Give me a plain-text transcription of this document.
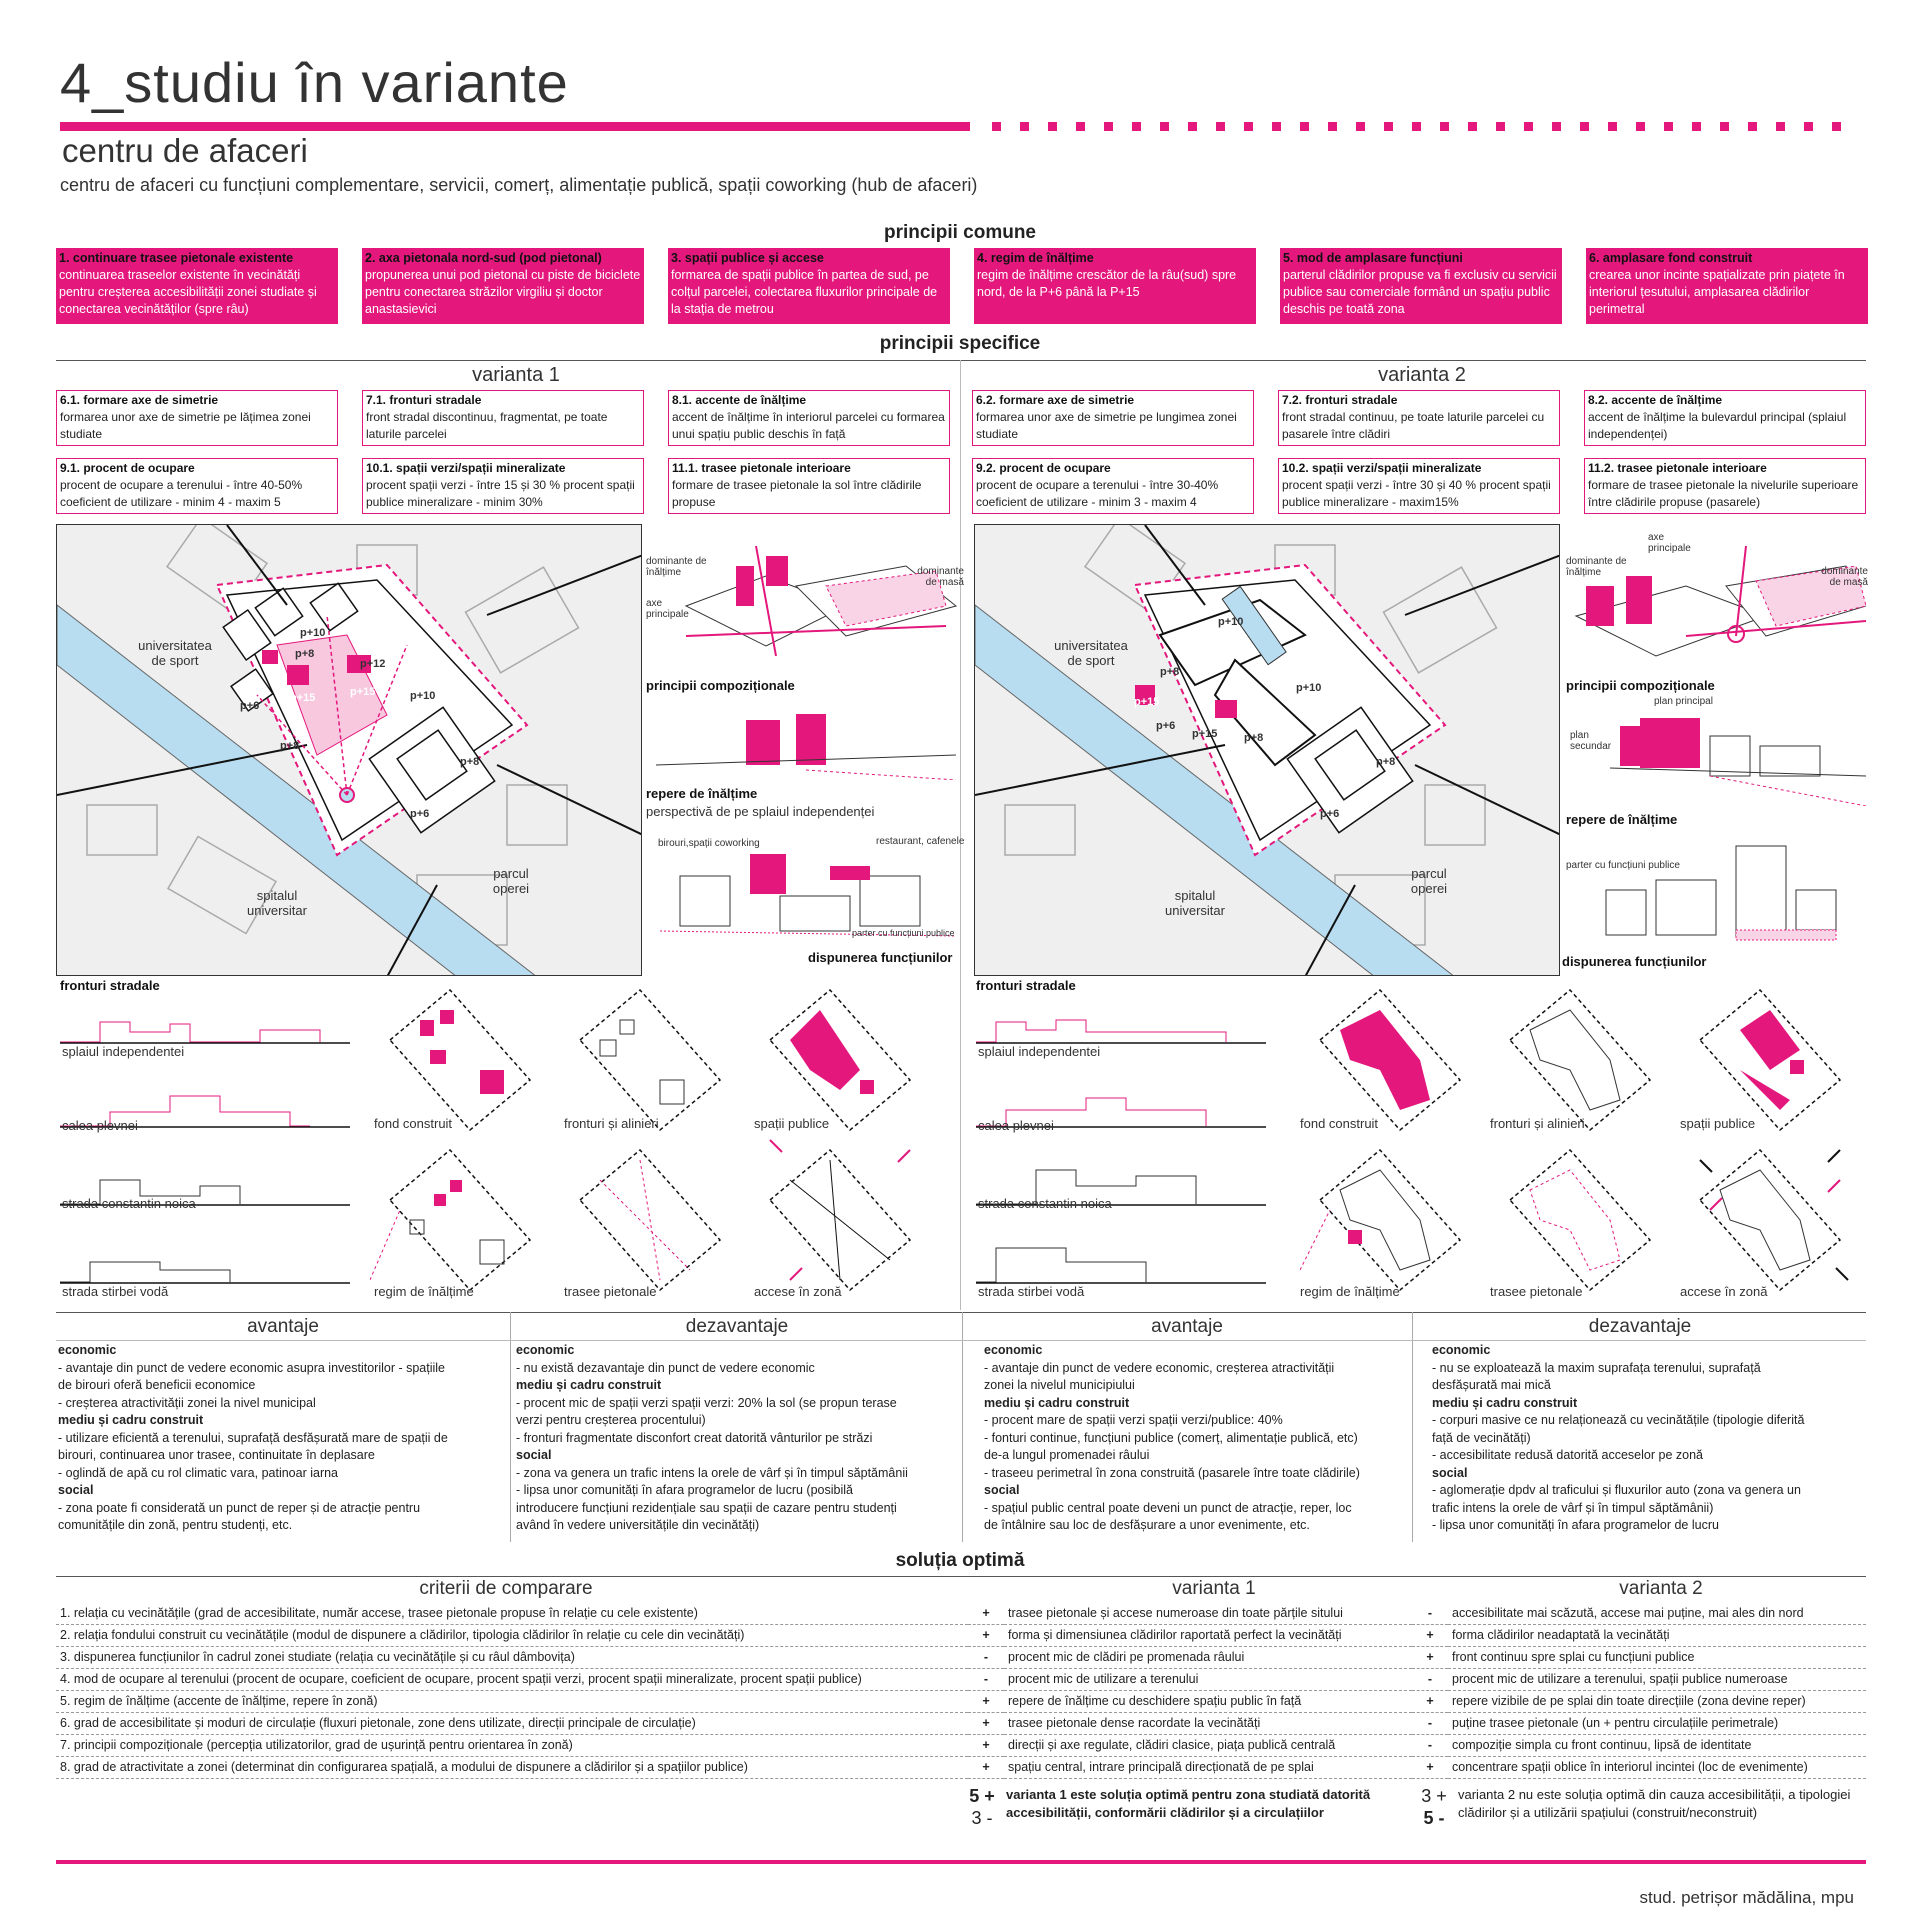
4_studiu în variante
centru de afaceri
centru de afaceri cu funcțiuni complementare, servicii, comerț, alimentație publică, spații coworking (hub de afaceri)
principii comune
1. continuare trasee pietonale existente
continuarea traseelor existente în vecinătăți pentru creșterea accesibilității zonei studiate și conectarea vecinătăților (spre râu)
2. axa pietonala nord-sud (pod pietonal)
propunerea unui pod pietonal cu piste de biciclete pentru conectarea străzilor virgiliu și doctor anastasievici
3. spații publice și accese
formarea de spații publice în partea de sud, pe colțul parcelei, colectarea fluxurilor principale de la stația de metrou
4. regim de înălțime
regim de înălțime crescător de la râu(sud) spre nord, de la P+6 până la P+15
5. mod de amplasare funcțiuni
parterul clădirilor propuse va fi exclusiv cu servicii publice sau comerciale formând un spațiu public deschis pe toată zona
6. amplasare fond construit
crearea unor incinte spațializate prin piațete în interiorul țesutului, amplasarea clădirilor perimetral
principii specifice
varianta 1	varianta 2
6.1. formare axe de simetrie
formarea unor axe de simetrie pe lățimea zonei studiate
7.1. fronturi stradale
front stradal discontinuu, fragmentat, pe toate laturile parcelei
8.1. accente de înălțime
accent de înălțime în interiorul parcelei cu formarea unui spațiu public deschis în față
9.1. procent de ocupare
procent de ocupare a terenului - între 40-50% coeficient de utilizare - minim 4 - maxim 5
10.1. spații verzi/spații mineralizate
procent spații verzi - între 15 și 30 % procent spații publice mineralizare - minim 30%
11.1. trasee pietonale interioare
formare de trasee pietonale la sol între clădirile propuse
6.2. formare axe de simetrie
formarea unor axe de simetrie pe lungimea zonei studiate
7.2. fronturi stradale
front stradal continuu, pe toate laturile parcelei cu pasarele între clădiri
8.2. accente de înălțime
accent de înălțime la bulevardul principal (splaiul independenței)
9.2. procent de ocupare
procent de ocupare a terenului - între 30-40% coeficient de utilizare - minim 3 - maxim 4
10.2. spații verzi/spații mineralizate
procent spații verzi - între 30 și 40 % procent spații publice mineralizare - maxim15%
11.2. trasee pietonale interioare
formare de trasee pietonale la nivelurile superioare între clădirile propuse (pasarele)
universitatea de sport
spitalul universitar
parcul operei
p+10
p+8
p+15	p+15
p+12
p+10
p+8
p+6
p+8
p+6
dominante de înălțime	dominante de masă
axe principale
principii compoziționale
repere de înălțime
perspectivă de pe splaiul independenței
birouri,spații coworking	restaurant, cafenele
parter cu funcțiuni publice
dispunerea funcțiunilor
universitatea de sport
spitalul universitar
parcul operei
p+10
p+8
p+15
p+6
p+15 p+8
p+10
p+8
p+6
axe principale
dominante de înălțime	dominante de masă
principii compoziționale
plan principal
plan secundar
repere de înălțime
parter cu funcțiuni publice
dispunerea funcțiunilor
fronturi stradale
splaiul independentei
calea plevnei
strada constantin noica
strada stirbei vodă
fond construit	fronturi și alinieri	spații publice
regim de înălțime	trasee pietonale	accese în zonă
fronturi stradale
splaiul independentei
calea plevnei
strada constantin noica
strada stirbei vodă
fond construit	fronturi și alinieri	spații publice
regim de înălțime	trasee pietonale	accese în zonă
avantaje	dezavantaje	avantaje	dezavantaje
economic
- avantaje din punct de vedere economic asupra investitorilor - spațiile
de birouri oferă beneficii economice
- creșterea atractivității zonei la nivel municipal
mediu și cadru construit
- utilizare eficientă a terenului, suprafață desfășurată mare de spații de
birouri, continuarea unor trasee, continuitate în deplasare
- oglindă de apă cu rol climatic vara, patinoar iarna
social
- zona poate fi considerată un punct de reper și de atracție pentru
comunitățile din zonă, pentru studenți, etc.
economic
- nu există dezavantaje din punct de vedere economic
mediu și cadru construit
- procent mic de spații verzi spații verzi: 20% la sol (se propun terase
verzi pentru creșterea procentului)
- fronturi fragmentate disconfort creat datorită vânturilor pe străzi
social
- zona va genera un trafic intens la orele de vârf și în timpul săptămânii
- lipsa unor comunități în afara programelor de lucru (posibilă
introducere funcțiuni rezidențiale sau spații de cazare pentru studenți
având în vedere universitățile din vecinătăți)
economic
- avantaje din punct de vedere economic, creșterea atractivității
zonei la nivelul municipiului
mediu și cadru construit
- procent mare de spații verzi spații verzi/publice: 40%
- fonturi continue, funcțiuni publice (comerț, alimentație publică, etc)
de-a lungul promenadei râului
- traseeu perimetral în zona construită (pasarele între toate clădirile)
social
- spațiul public central poate deveni un punct de atracție, reper, loc
de întâlnire sau loc de desfășurare a unor evenimente, etc.
economic
- nu se exploatează la maxim suprafața terenului, suprafață
desfășurată mai mică
mediu și cadru construit
- corpuri masive ce nu relaționează cu vecinătățile (tipologie diferită
față de vecinătăți)
- accesibilitate redusă datorită acceselor pe zonă
social
- aglomerație dpdv al traficului și fluxurilor auto (zona va genera un
trafic intens la orele de vârf și în timpul săptămânii)
- lipsa unor comunități în afara programelor de lucru
soluția optimă
criterii de comparare	varianta 1	varianta 2
1. relația cu vecinătățile (grad de accesibilitate, număr accese, trasee pietonale propuse în relație cu cele existente)	+	trasee pietonale și accese numeroase din toate părțile sitului	-	accesibilitate mai scăzută, accese mai puține, mai ales din nord
2. relația fondului construit cu vecinătățile (modul de dispunere a clădirilor, tipologia clădirilor în relație cu cele din vecinătăți)	+	forma și dimensiunea clădirilor raportată perfect la vecinătăți	+	forma clădirilor neadaptată la vecinătăți
3. dispunerea funcțiunilor în cadrul zonei studiate (relația cu vecinătățile și cu râul dâmbovița)	-	procent mic de clădiri pe promenada râului	+	front continuu spre splai cu funcțiuni publice
4. mod de ocupare al terenului (procent de ocupare, coeficient de ocupare, procent spații verzi, procent spații mineralizate, procent spații publice)	-	procent mic de utilizare a terenului	-	procent mic de utilizare a terenului, spații publice numeroase
5. regim de înălțime (accente de înălțime, repere în zonă)	+	repere de înălțime cu deschidere spațiu public în față	+	repere vizibile de pe splai din toate direcțiile (zona devine reper)
6. grad de accesibilitate și moduri de circulație (fluxuri pietonale, zone dens utilizate, direcții principale de circulație)	+	trasee pietonale dense racordate la vecinătăți	-	puține trasee pietonale (un + pentru circulațiile perimetrale)
7. principii compoziționale (percepția utilizatorilor, grad de ușurință pentru orientarea în zonă)	+	direcții și axe regulate, clădiri clasice, piața publică centrală	-	compoziție simpla cu front continuu, lipsă de identitate
8. grad de atractivitate a zonei (determinat din configurarea spațială, a modului de dispunere a clădirilor și a spațiilor publice)	+	spațiu central, intrare principală direcționată de pe splai	+	concentrare spații oblice în interiorul incintei (loc de evenimente)
5 +
3 -
varianta 1 este soluția optimă pentru zona studiată datorită accesibilității, conformării clădirilor și a circulațiilor
3 +
5 -
varianta 2 nu este soluția optimă din cauza accesibilității, a tipologiei clădirilor și a utilizării spațiului (construit/neconstruit)
stud. petrișor mădălina, mpu
